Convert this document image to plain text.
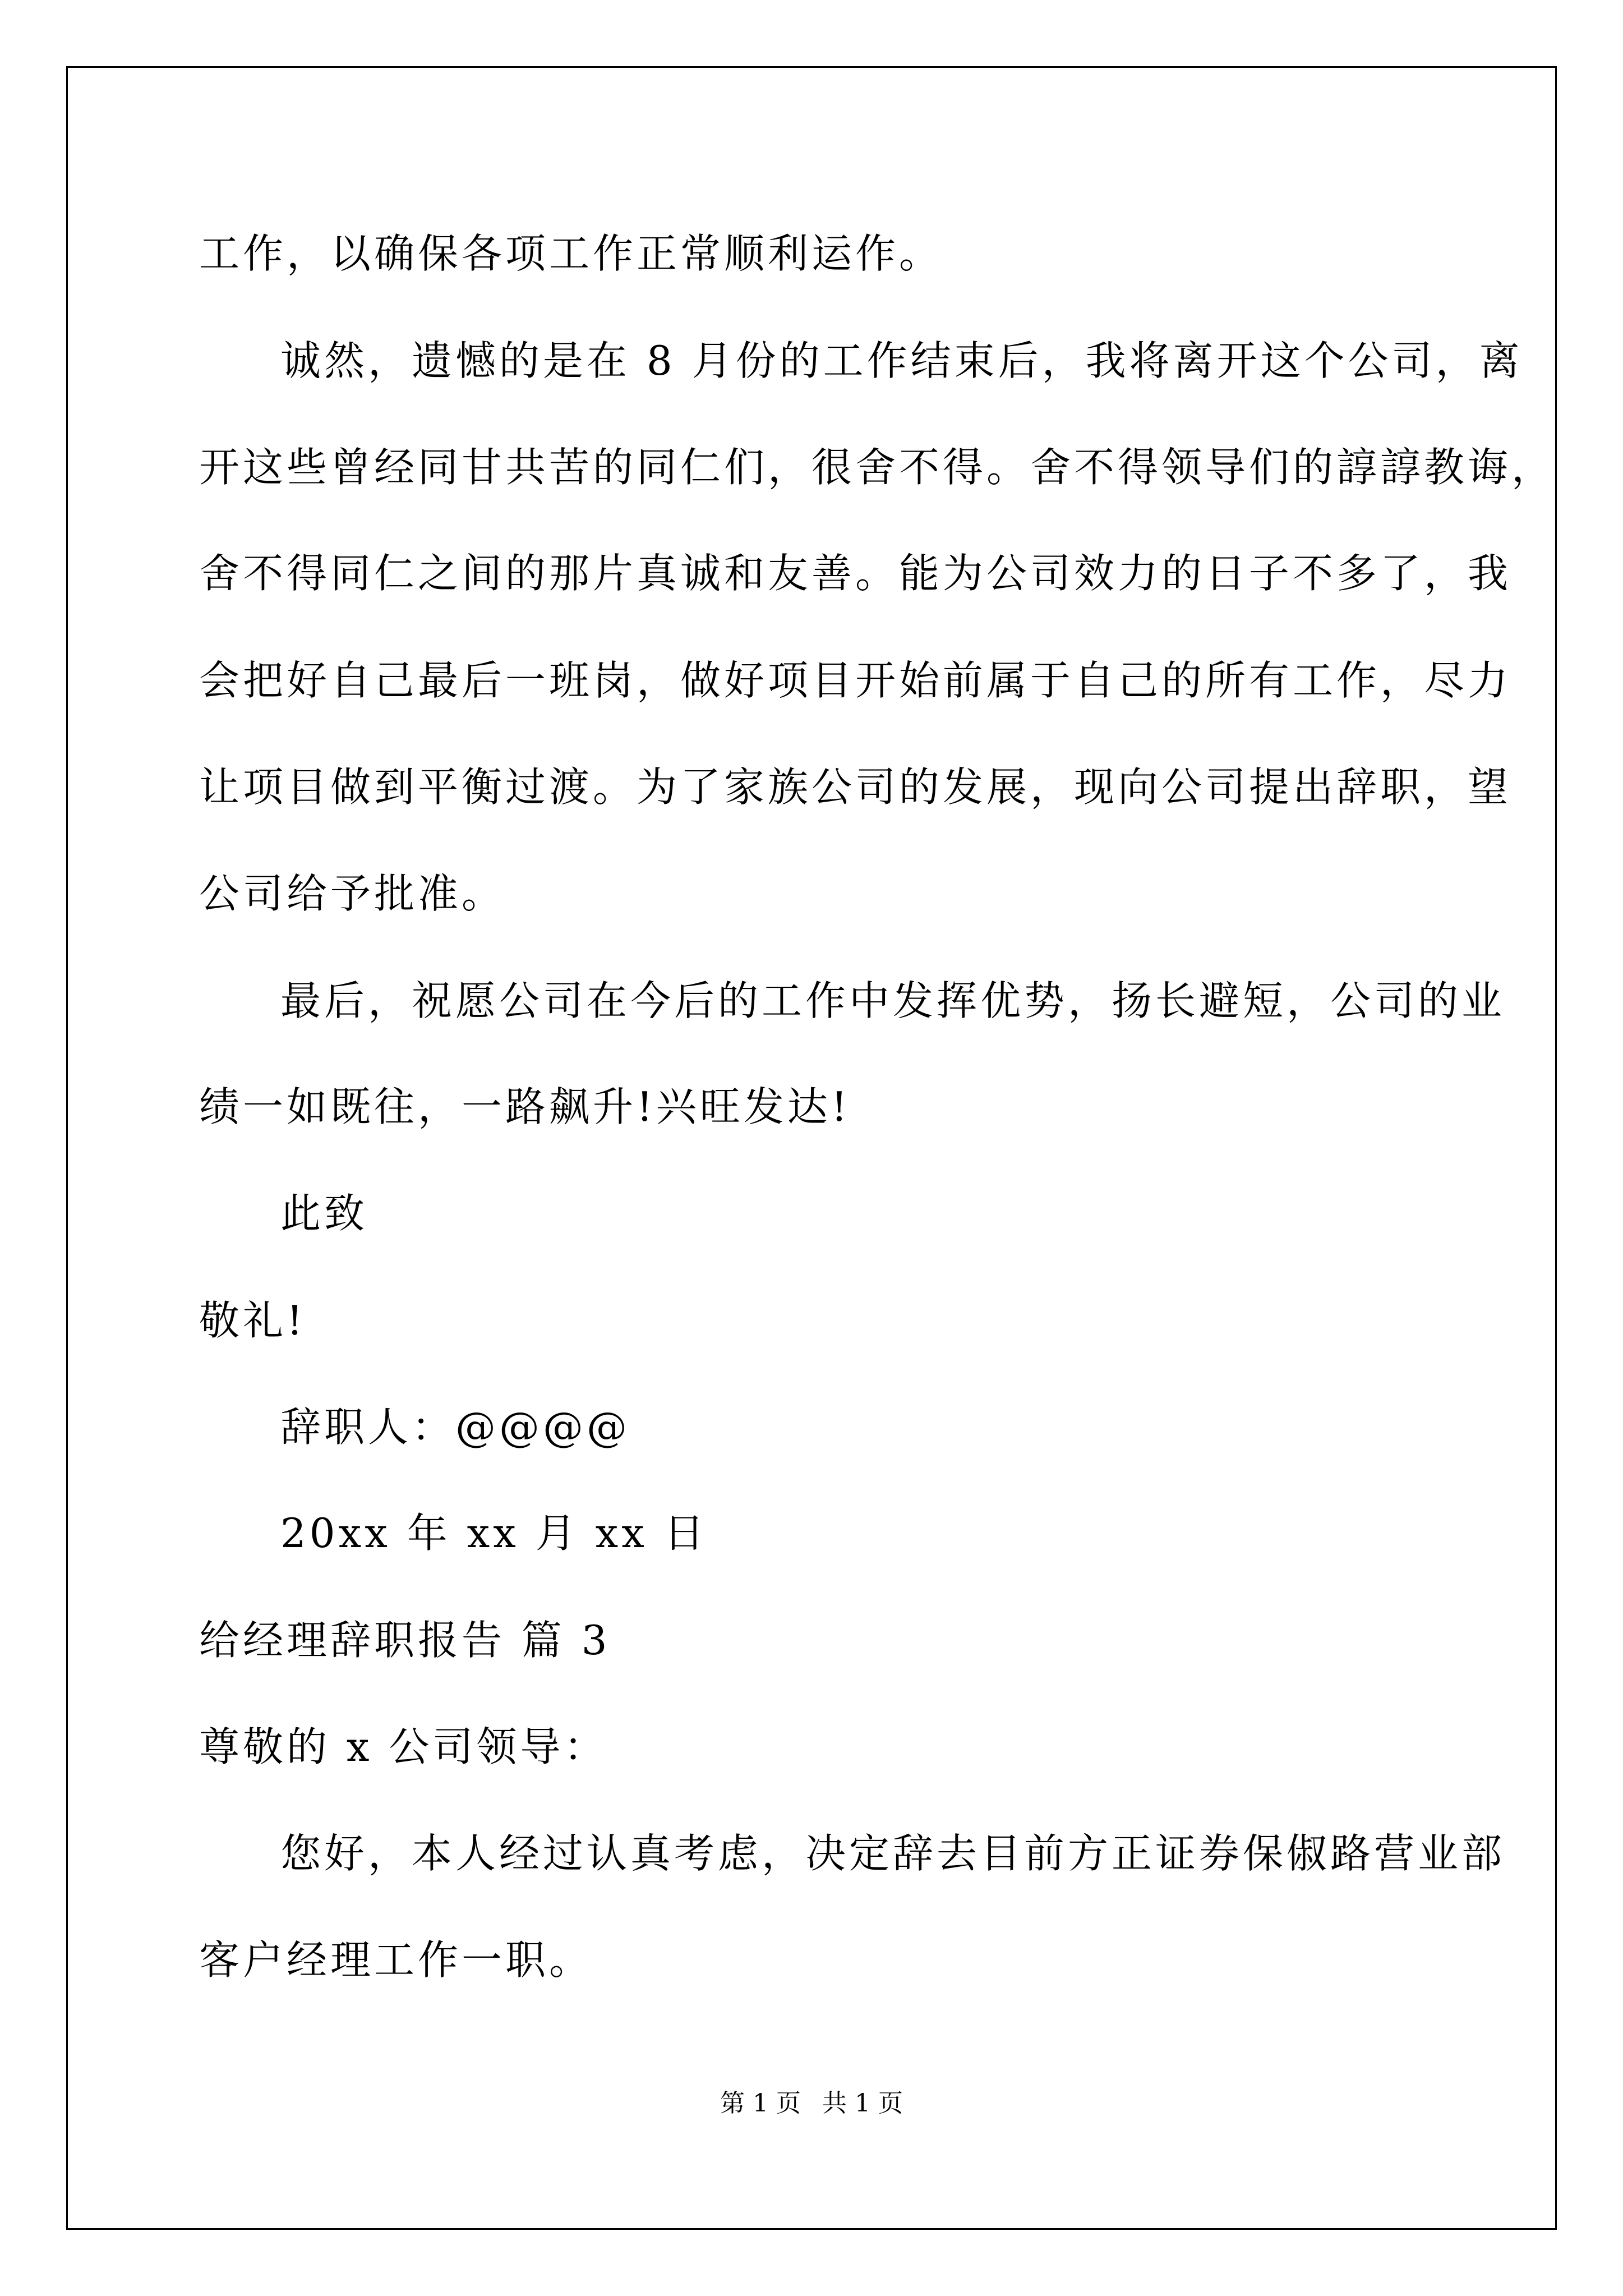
工作，以确保各项工作正常顺利运作。
诚然，遗憾的是在 8 月份的工作结束后，我将离开这个公司，离
开这些曾经同甘共苦的同仁们，很舍不得。舍不得领导们的諄諄教诲，
舍不得同仁之间的那片真诚和友善。能为公司效力的日子不多了，我
会把好自己最后一班岗，做好项目开始前属于自己的所有工作，尽力
让项目做到平衡过渡。为了家族公司的发展，现向公司提出辞职，望
公司给予批准。
最后，祝愿公司在今后的工作中发挥优势，扬长避短，公司的业
绩一如既往，一路飙升!兴旺发达!
此致
敬礼!
辞职人：@@@@
20xx 年 xx 月 xx 日
给经理辞职报告 篇 3
尊敬的 x 公司领导：
您好，本人经过认真考虑，决定辞去目前方正证券保俶路营业部
客户经理工作一职。
第 1 页 共 1 页
